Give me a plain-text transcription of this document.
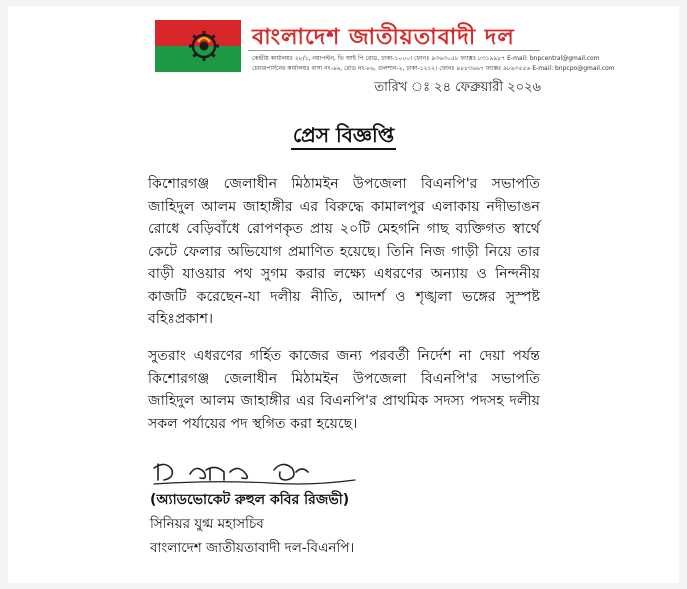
বাংলাদেশ জাতীয়তাবাদী দল
কেন্দ্রীয় কার্যালয়ঃ ২৮/১, নয়াপল্টন, ভি আই পি রোড, ঢাকা-১০০০। ফোনঃ ৯৩৬৩০৫৮ ফ্যাক্সঃ ৮৩১৯৯৮৭ E-mail: bnpcentral@gmail.com
চেয়ারপার্সনের কার্যালয়ঃ বাসা নং-৬৬, রোড নং-৮৬, গুলশান-২, ঢাকা-১২১২। ফোনঃ ৯৮৮৩৬৬৭ ফ্যাক্সঃ ৯৮৯৩৫৫৬ E-mail: bnpcpo@gmail.com
তারিখ ঃ ২৪ ফেব্রুয়ারী ২০২৬
প্রেস বিজ্ঞপ্তি

কিশোরগঞ্জ জেলাধীন মিঠামইন উপজেলা বিএনপি'র সভাপতি জাহিদুল আলম জাহাঙ্গীর এর বিরুদ্ধে কামালপুর এলাকায় নদীভাঙন রোধে বেড়িবাঁধে রোপণকৃত প্রায় ২০টি মেহগনি গাছ ব্যক্তিগত স্বার্থে কেটে ফেলার অভিযোগ প্রমাণিত হয়েছে। তিনি নিজ গাড়ী নিয়ে তার বাড়ী যাওয়ার পথ সুগম করার লক্ষ্যে এধরণের অন্যায় ও নিন্দনীয় কাজটি করেছেন-যা দলীয় নীতি, আদর্শ ও শৃঙ্খলা ভঙ্গের সুস্পষ্ট বহিঃপ্রকাশ।

সুতরাং এধরণের গর্হিত কাজের জন্য পরবর্তী নির্দেশ না দেয়া পর্যন্ত কিশোরগঞ্জ জেলাধীন মিঠামইন উপজেলা বিএনপি'র সভাপতি জাহিদুল আলম জাহাঙ্গীর এর বিএনপি'র প্রাথমিক সদস্য পদসহ দলীয় সকল পর্যায়ের পদ স্থগিত করা হয়েছে।

(অ্যাডভোকেট রুহুল কবির রিজভী)
সিনিয়র যুগ্ম মহাসচিব
বাংলাদেশ জাতীয়তাবাদী দল-বিএনপি।
